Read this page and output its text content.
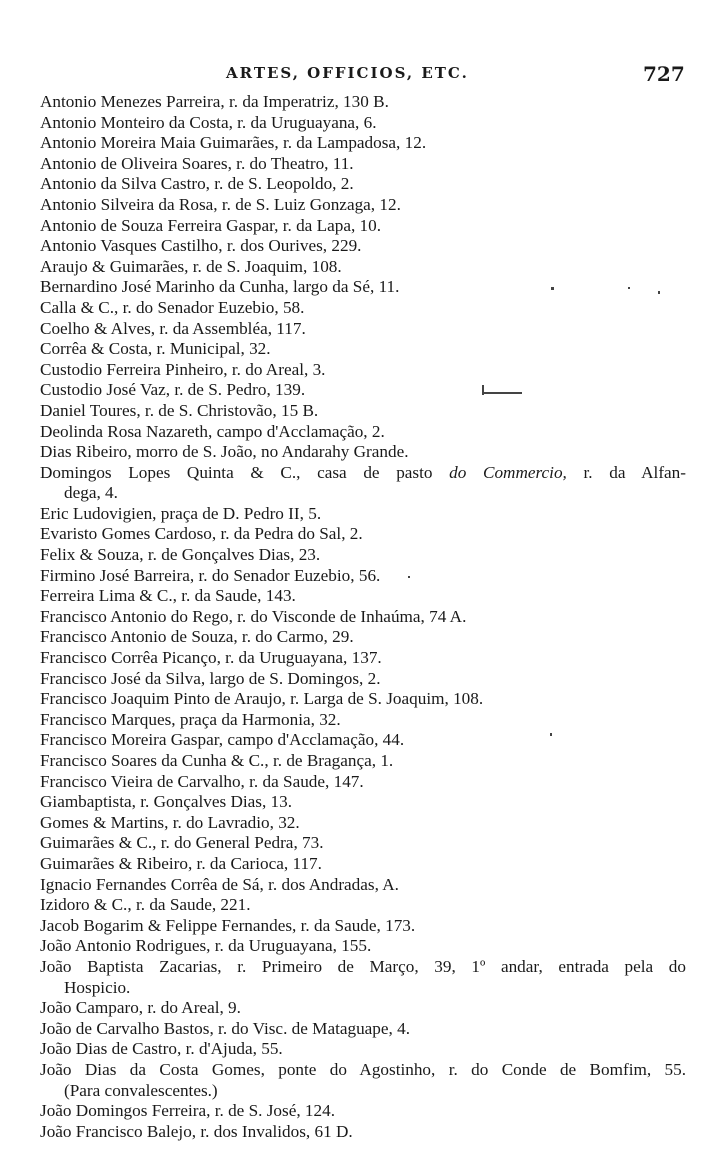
ARTES, OFFICIOS, ETC.	727
Antonio Menezes Parreira, r. da Imperatriz, 130 B.
Antonio Monteiro da Costa, r. da Uruguayana, 6.
Antonio Moreira Maia Guimarães, r. da Lampadosa, 12.
Antonio de Oliveira Soares, r. do Theatro, 11.
Antonio da Silva Castro, r. de S. Leopoldo, 2.
Antonio Silveira da Rosa, r. de S. Luiz Gonzaga, 12.
Antonio de Souza Ferreira Gaspar, r. da Lapa, 10.
Antonio Vasques Castilho, r. dos Ourives, 229.
Araujo & Guimarães, r. de S. Joaquim, 108.
Bernardino José Marinho da Cunha, largo da Sé, 11.
Calla & C., r. do Senador Euzebio, 58.
Coelho & Alves, r. da Assembléa, 117.
Corrêa & Costa, r. Municipal, 32.
Custodio Ferreira Pinheiro, r. do Areal, 3.
Custodio José Vaz, r. de S. Pedro, 139.
Daniel Toures, r. de S. Christovão, 15 B.
Deolinda Rosa Nazareth, campo d'Acclamação, 2.
Dias Ribeiro, morro de S. João, no Andarahy Grande.
Domingos Lopes Quinta & C., casa de pasto do Commercio, r. da Alfan-
dega, 4.
Eric Ludovigien, praça de D. Pedro II, 5.
Evaristo Gomes Cardoso, r. da Pedra do Sal, 2.
Felix & Souza, r. de Gonçalves Dias, 23.
Firmino José Barreira, r. do Senador Euzebio, 56.
Ferreira Lima & C., r. da Saude, 143.
Francisco Antonio do Rego, r. do Visconde de Inhaúma, 74 A.
Francisco Antonio de Souza, r. do Carmo, 29.
Francisco Corrêa Picanço, r. da Uruguayana, 137.
Francisco José da Silva, largo de S. Domingos, 2.
Francisco Joaquim Pinto de Araujo, r. Larga de S. Joaquim, 108.
Francisco Marques, praça da Harmonia, 32.
Francisco Moreira Gaspar, campo d'Acclamação, 44.
Francisco Soares da Cunha & C., r. de Bragança, 1.
Francisco Vieira de Carvalho, r. da Saude, 147.
Giambaptista, r. Gonçalves Dias, 13.
Gomes & Martins, r. do Lavradio, 32.
Guimarães & C., r. do General Pedra, 73.
Guimarães & Ribeiro, r. da Carioca, 117.
Ignacio Fernandes Corrêa de Sá, r. dos Andradas, A.
Izidoro & C., r. da Saude, 221.
Jacob Bogarim & Felippe Fernandes, r. da Saude, 173.
João Antonio Rodrigues, r. da Uruguayana, 155.
João Baptista Zacarias, r. Primeiro de Março, 39, 1º andar, entrada pela do
Hospicio.
João Camparo, r. do Areal, 9.
João de Carvalho Bastos, r. do Visc. de Mataguape, 4.
João Dias de Castro, r. d'Ajuda, 55.
João Dias da Costa Gomes, ponte do Agostinho, r. do Conde de Bomfim, 55.
(Para convalescentes.)
João Domingos Ferreira, r. de S. José, 124.
João Francisco Balejo, r. dos Invalidos, 61 D.
